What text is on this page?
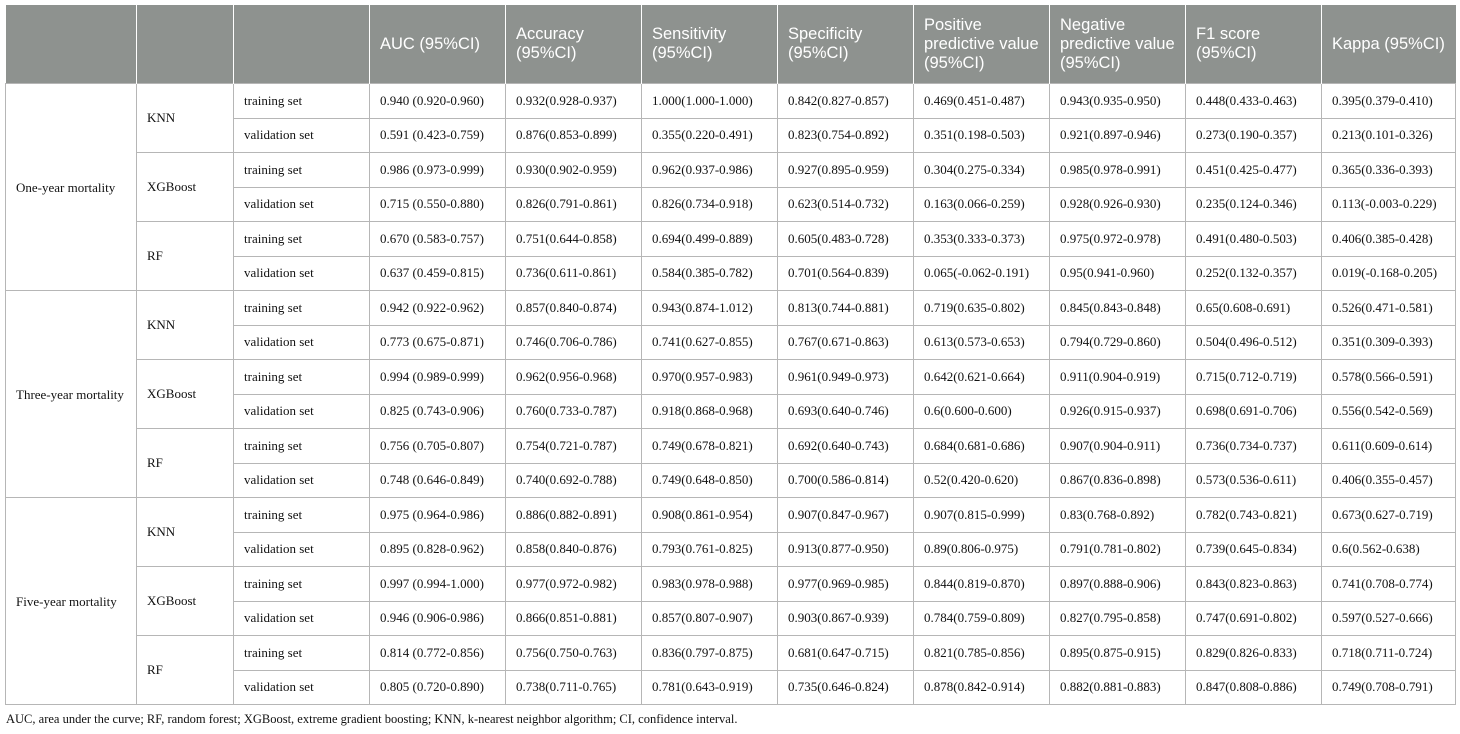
			AUC (95%CI)	Accuracy (95%CI)	Sensitivity (95%CI)	Specificity (95%CI)	Positive predictive value (95%CI)	Negative predictive value (95%CI)	F1 score (95%CI)	Kappa (95%CI)
One-year mortality	KNN	training set	0.940 (0.920-0.960)	0.932(0.928-0.937)	1.000(1.000-1.000)	0.842(0.827-0.857)	0.469(0.451-0.487)	0.943(0.935-0.950)	0.448(0.433-0.463)	0.395(0.379-0.410)
		validation set	0.591 (0.423-0.759)	0.876(0.853-0.899)	0.355(0.220-0.491)	0.823(0.754-0.892)	0.351(0.198-0.503)	0.921(0.897-0.946)	0.273(0.190-0.357)	0.213(0.101-0.326)
	XGBoost	training set	0.986 (0.973-0.999)	0.930(0.902-0.959)	0.962(0.937-0.986)	0.927(0.895-0.959)	0.304(0.275-0.334)	0.985(0.978-0.991)	0.451(0.425-0.477)	0.365(0.336-0.393)
		validation set	0.715 (0.550-0.880)	0.826(0.791-0.861)	0.826(0.734-0.918)	0.623(0.514-0.732)	0.163(0.066-0.259)	0.928(0.926-0.930)	0.235(0.124-0.346)	0.113(-0.003-0.229)
	RF	training set	0.670 (0.583-0.757)	0.751(0.644-0.858)	0.694(0.499-0.889)	0.605(0.483-0.728)	0.353(0.333-0.373)	0.975(0.972-0.978)	0.491(0.480-0.503)	0.406(0.385-0.428)
		validation set	0.637 (0.459-0.815)	0.736(0.611-0.861)	0.584(0.385-0.782)	0.701(0.564-0.839)	0.065(-0.062-0.191)	0.95(0.941-0.960)	0.252(0.132-0.357)	0.019(-0.168-0.205)
Three-year mortality	KNN	training set	0.942 (0.922-0.962)	0.857(0.840-0.874)	0.943(0.874-1.012)	0.813(0.744-0.881)	0.719(0.635-0.802)	0.845(0.843-0.848)	0.65(0.608-0.691)	0.526(0.471-0.581)
		validation set	0.773 (0.675-0.871)	0.746(0.706-0.786)	0.741(0.627-0.855)	0.767(0.671-0.863)	0.613(0.573-0.653)	0.794(0.729-0.860)	0.504(0.496-0.512)	0.351(0.309-0.393)
	XGBoost	training set	0.994 (0.989-0.999)	0.962(0.956-0.968)	0.970(0.957-0.983)	0.961(0.949-0.973)	0.642(0.621-0.664)	0.911(0.904-0.919)	0.715(0.712-0.719)	0.578(0.566-0.591)
		validation set	0.825 (0.743-0.906)	0.760(0.733-0.787)	0.918(0.868-0.968)	0.693(0.640-0.746)	0.6(0.600-0.600)	0.926(0.915-0.937)	0.698(0.691-0.706)	0.556(0.542-0.569)
	RF	training set	0.756 (0.705-0.807)	0.754(0.721-0.787)	0.749(0.678-0.821)	0.692(0.640-0.743)	0.684(0.681-0.686)	0.907(0.904-0.911)	0.736(0.734-0.737)	0.611(0.609-0.614)
		validation set	0.748 (0.646-0.849)	0.740(0.692-0.788)	0.749(0.648-0.850)	0.700(0.586-0.814)	0.52(0.420-0.620)	0.867(0.836-0.898)	0.573(0.536-0.611)	0.406(0.355-0.457)
Five-year mortality	KNN	training set	0.975 (0.964-0.986)	0.886(0.882-0.891)	0.908(0.861-0.954)	0.907(0.847-0.967)	0.907(0.815-0.999)	0.83(0.768-0.892)	0.782(0.743-0.821)	0.673(0.627-0.719)
		validation set	0.895 (0.828-0.962)	0.858(0.840-0.876)	0.793(0.761-0.825)	0.913(0.877-0.950)	0.89(0.806-0.975)	0.791(0.781-0.802)	0.739(0.645-0.834)	0.6(0.562-0.638)
	XGBoost	training set	0.997 (0.994-1.000)	0.977(0.972-0.982)	0.983(0.978-0.988)	0.977(0.969-0.985)	0.844(0.819-0.870)	0.897(0.888-0.906)	0.843(0.823-0.863)	0.741(0.708-0.774)
		validation set	0.946 (0.906-0.986)	0.866(0.851-0.881)	0.857(0.807-0.907)	0.903(0.867-0.939)	0.784(0.759-0.809)	0.827(0.795-0.858)	0.747(0.691-0.802)	0.597(0.527-0.666)
	RF	training set	0.814 (0.772-0.856)	0.756(0.750-0.763)	0.836(0.797-0.875)	0.681(0.647-0.715)	0.821(0.785-0.856)	0.895(0.875-0.915)	0.829(0.826-0.833)	0.718(0.711-0.724)
		validation set	0.805 (0.720-0.890)	0.738(0.711-0.765)	0.781(0.643-0.919)	0.735(0.646-0.824)	0.878(0.842-0.914)	0.882(0.881-0.883)	0.847(0.808-0.886)	0.749(0.708-0.791)
AUC, area under the curve; RF, random forest; XGBoost, extreme gradient boosting; KNN, k-nearest neighbor algorithm; CI, confidence interval.
